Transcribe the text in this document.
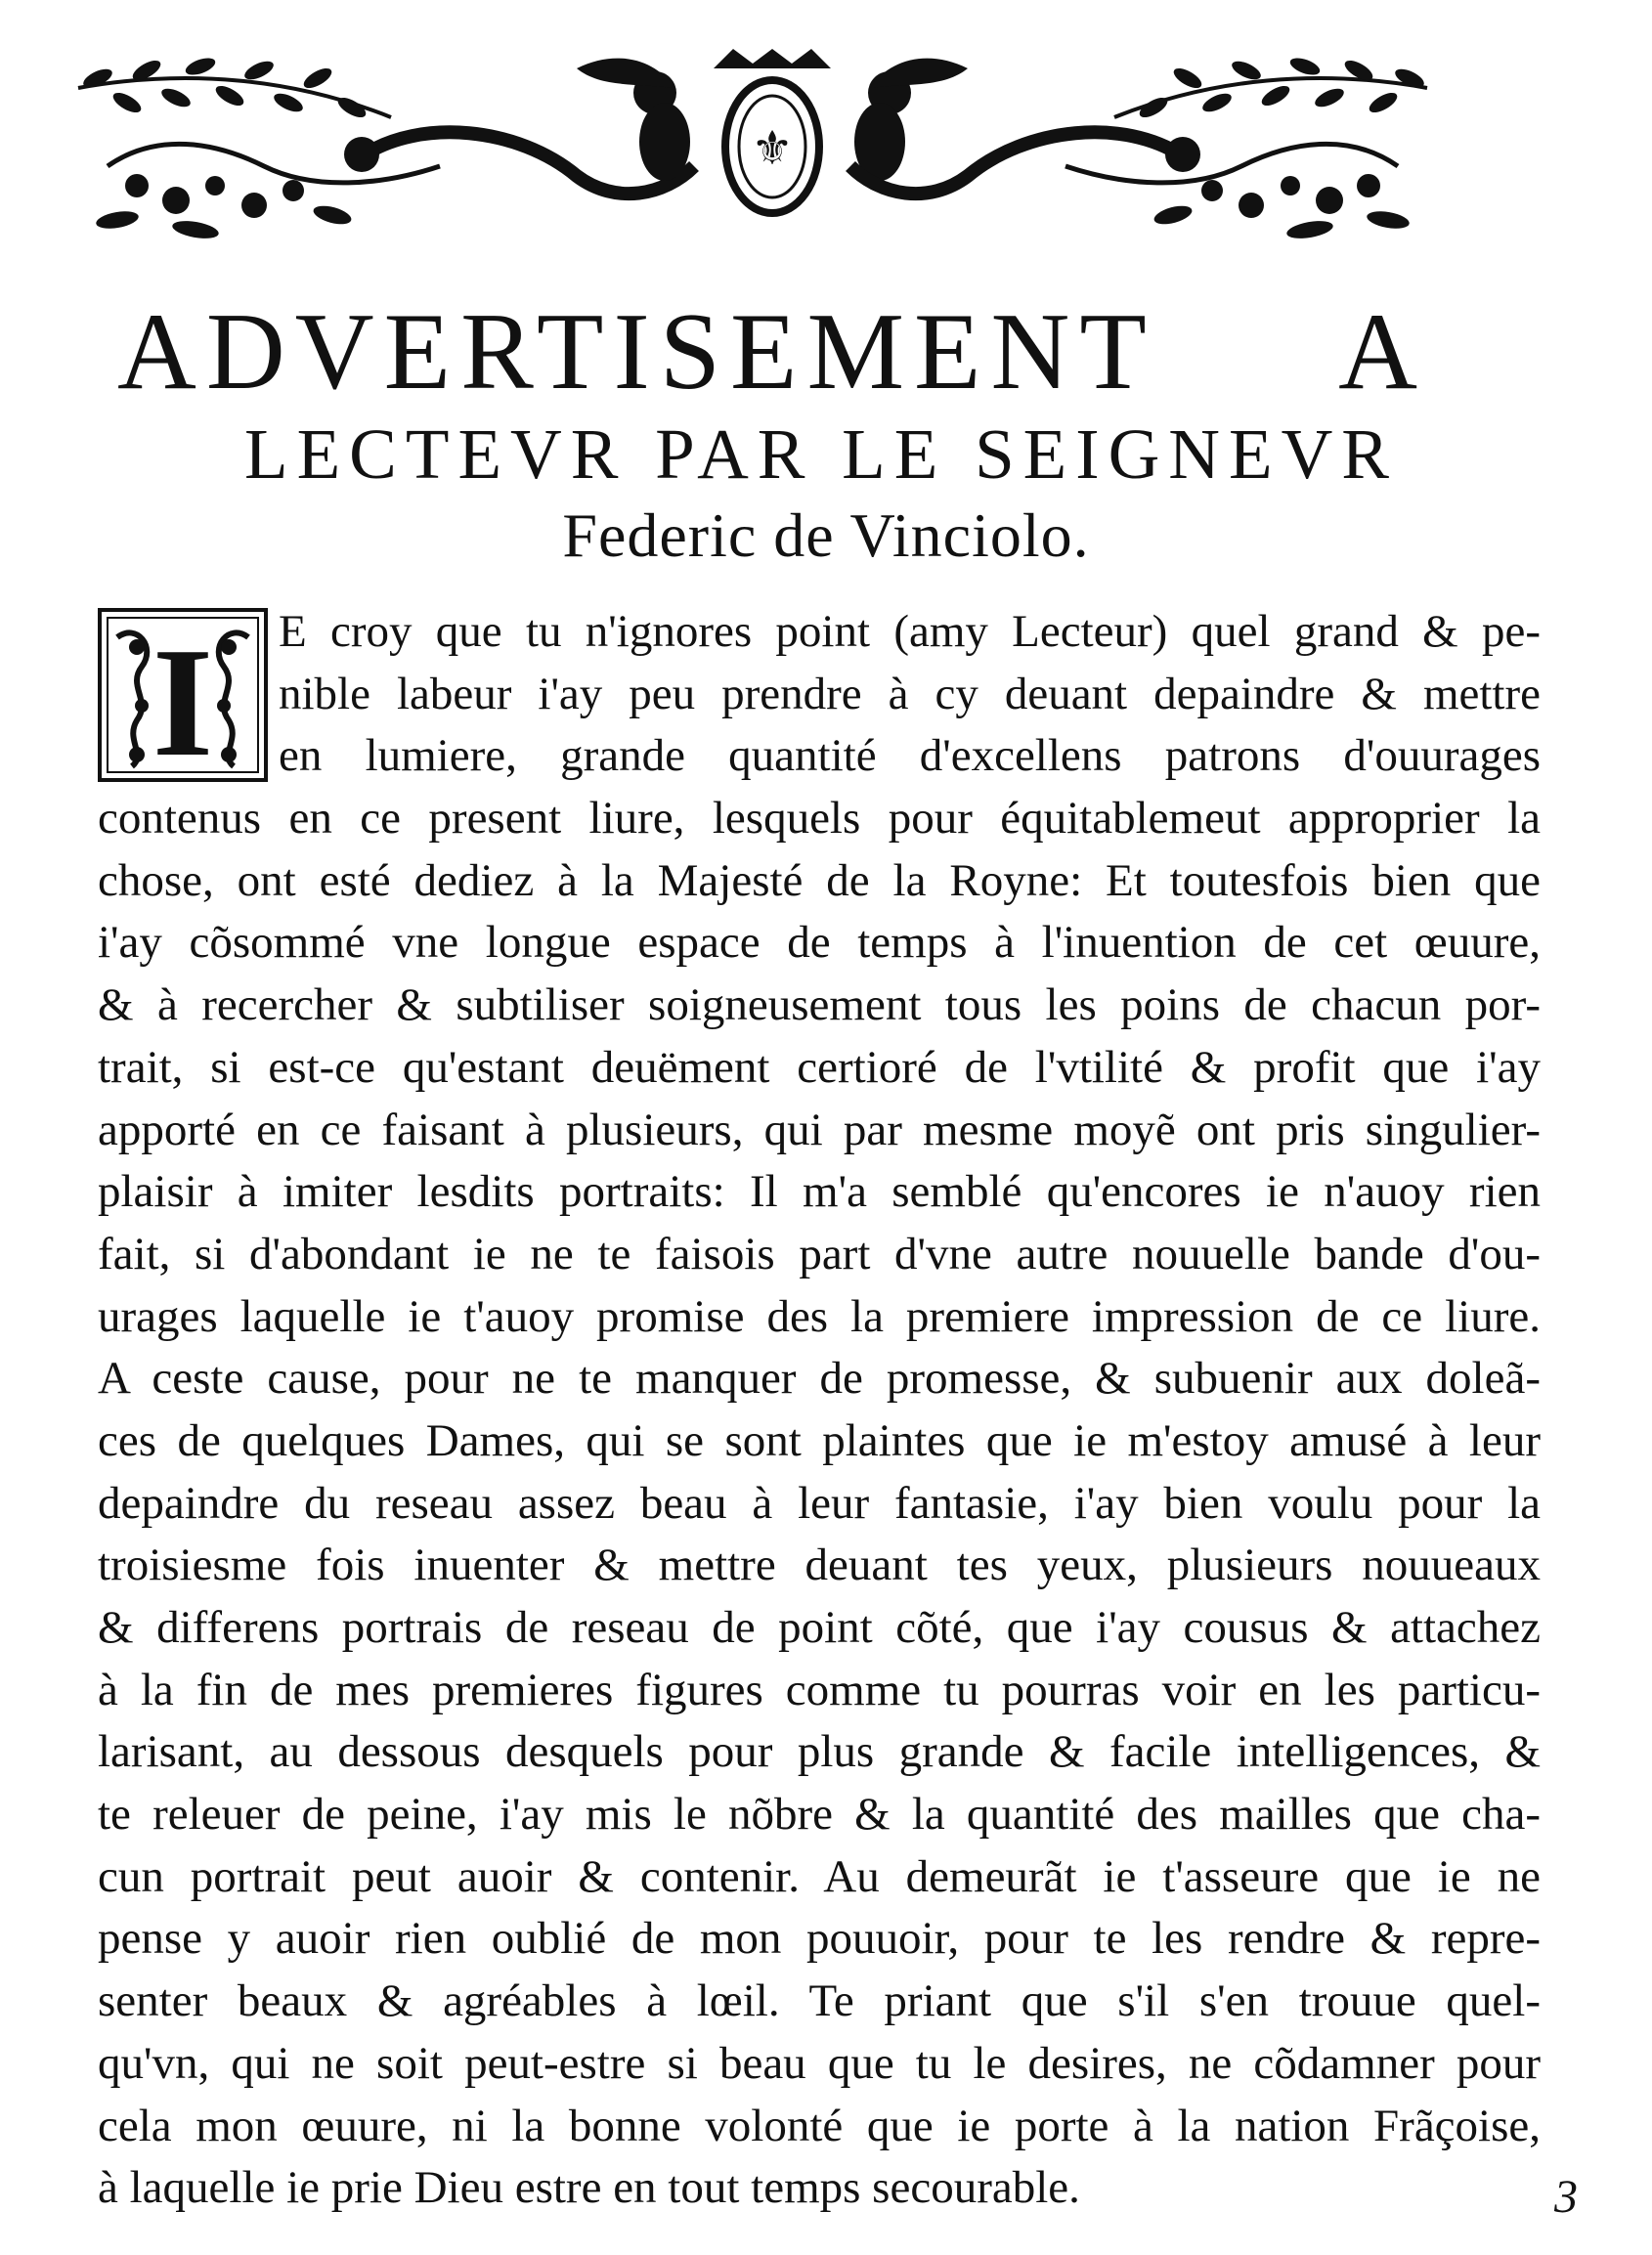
⚜
ADVERTISEMENT A
LECTEVR PAR LE SEIGNEVR
Federic de Vinciolo.
I E croy que tu n'ignores point (amy Lecteur) quel grand & pe-
nible labeur i'ay peu prendre à cy deuant depaindre & mettre
en lumiere, grande quantité d'excellens patrons d'ouurages
contenus en ce present liure, lesquels pour équitablemeut approprier la
chose, ont esté dediez à la Majesté de la Royne: Et toutesfois bien que
i'ay cõsommé vne longue espace de temps à l'inuention de cet œuure,
& à recercher & subtiliser soigneusement tous les poins de chacun por-
trait, si est-ce qu'estant deuëment certioré de l'vtilité & profit que i'ay
apporté en ce faisant à plusieurs, qui par mesme moyẽ ont pris singulier-
plaisir à imiter lesdits portraits: Il m'a semblé qu'encores ie n'auoy rien
fait, si d'abondant ie ne te faisois part d'vne autre nouuelle bande d'ou-
urages laquelle ie t'auoy promise des la premiere impression de ce liure.
A ceste cause, pour ne te manquer de promesse, & subuenir aux doleã-
ces de quelques Dames, qui se sont plaintes que ie m'estoy amusé à leur
depaindre du reseau assez beau à leur fantasie, i'ay bien voulu pour la
troisiesme fois inuenter & mettre deuant tes yeux, plusieurs nouueaux
& differens portrais de reseau de point cõté, que i'ay cousus & attachez
à la fin de mes premieres figures comme tu pourras voir en les particu-
larisant, au dessous desquels pour plus grande & facile intelligences, &
te releuer de peine, i'ay mis le nõbre & la quantité des mailles que cha-
cun portrait peut auoir & contenir. Au demeurãt ie t'asseure que ie ne
pense y auoir rien oublié de mon pouuoir, pour te les rendre & repre-
senter beaux & agréables à lœil. Te priant que s'il s'en trouue quel-
qu'vn, qui ne soit peut-estre si beau que tu le desires, ne cõdamner pour
cela mon œuure, ni la bonne volonté que ie porte à la nation Frãçoise,
à laquelle ie prie Dieu estre en tout temps secourable.	3
